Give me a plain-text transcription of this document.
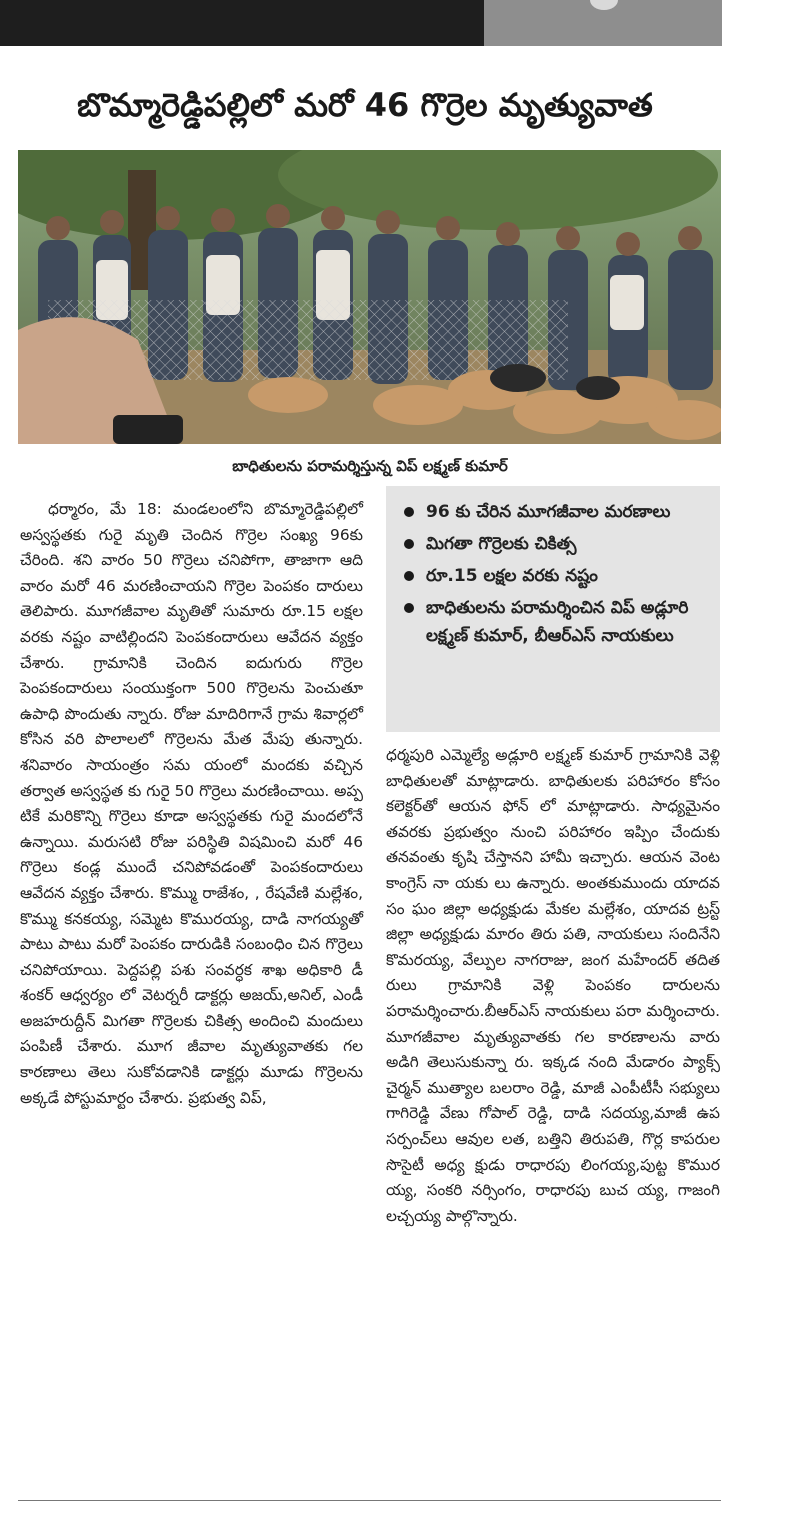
బొమ్మారెడ్డిపల్లిలో మరో 46 గొర్రెల మృత్యువాత
బాధితులను పరామర్శిస్తున్న విప్ లక్ష్మణ్ కుమార్

ధర్మారం, మే 18: మండలంలోని బొమ్మారెడ్డిపల్లిలో అస్వస్థతకు గురై మృతి చెందిన గొర్రెల సంఖ్య 96కు చేరింది. శని వారం 50 గొర్రెలు చనిపోగా, తాజాగా ఆది వారం మరో 46 మరణించాయని గొర్రెల పెంపకం దారులు తెలిపారు. మూగజీవాల మృతితో సుమారు రూ.15 లక్షల వరకు నష్టం వాటిల్లిందని పెంపకందారులు ఆవేదన వ్యక్తం చేశారు. గ్రామానికి చెందిన ఐదుగురు గొర్రెల పెంపకందారులు సంయుక్తంగా 500 గొర్రెలను పెంచుతూ ఉపాధి పొందుతు న్నారు. రోజు మాదిరిగానే గ్రామ శివార్లలో కోసిన వరి పొలాలలో గొర్రెలను మేత మేపు తున్నారు. శనివారం సాయంత్రం సమ యంలో మందకు వచ్చిన తర్వాత అస్వస్థత కు గురై 50 గొర్రెలు మరణించాయి. అప్ప టికే మరికొన్ని గొర్రెలు కూడా అస్వస్థతకు గురై మందలోనే ఉన్నాయి. మరుసటి రోజు పరిస్థితి విషమించి మరో 46 గొర్రెలు కండ్ల ముందే చనిపోవడంతో పెంపకందారులు ఆవేదన వ్యక్తం చేశారు. కొమ్ము రాజేశం, , రేషవేణి మల్లేశం, కొమ్ము కనకయ్య, సమ్మెట కొమురయ్య, దాడి నాగయ్యతో పాటు పాటు మరో పెంపకం దారుడికి సంబంధిం చిన గొర్రెలు చనిపోయాయి. పెద్దపల్లి పశు సంవర్ధక శాఖ అధికారి డీ శంకర్ ఆధ్వర్యం లో వెటర్నరీ డాక్టర్లు అజయ్,అనిల్, ఎండీ అజహరుద్దీన్ మిగతా గొర్రెలకు చికిత్స అందించి మందులు పంపిణీ చేశారు. మూగ జీవాల మృత్యువాతకు గల కారణాలు తెలు సుకోవడానికి డాక్టర్లు మూడు గొర్రెలను అక్కడే పోస్టుమార్టం చేశారు. ప్రభుత్వ విప్,

96 కు చేరిన మూగజీవాల మరణాలు
మిగతా గొర్రెలకు చికిత్స
రూ.15 లక్షల వరకు నష్టం
బాధితులను పరామర్శించిన విప్ అడ్లూరి లక్ష్మణ్ కుమార్, బీఆర్ఎస్ నాయకులు

ధర్మపురి ఎమ్మెల్యే అడ్లూరి లక్ష్మణ్ కుమార్ గ్రామానికి వెళ్లి బాధితులతో మాట్లాడారు. బాధితులకు పరిహారం కోసం కలెక్టర్‌తో ఆయన ఫోన్ లో మాట్లాడారు. సాధ్యమైనం తవరకు ప్రభుత్వం నుంచి పరిహారం ఇప్పిం చేందుకు తనవంతు కృషి చేస్తానని హామీ ఇచ్చారు. ఆయన వెంట కాంగ్రెస్ నా యకు లు ఉన్నారు. అంతకుముందు యాదవ సం ఘం జిల్లా అధ్యక్షుడు మేకల మల్లేశం, యాదవ ట్రస్ట్ జిల్లా అధ్యక్షుడు మారం తిరు పతి, నాయకులు సందినేని కొమరయ్య, వేల్పుల నాగరాజు, జంగ మహేందర్ తదిత రులు గ్రామానికి వెళ్లి పెంపకం దారులను పరామర్శించారు.బీఆర్ఎస్ నాయకులు పరా మర్శించారు. మూగజీవాల మృత్యువాతకు గల కారణాలను వారు అడిగి తెలుసుకున్నా రు. ఇక్కడ నంది మేడారం ప్యాక్స్ చైర్మన్ ముత్యాల బలరాం రెడ్డి, మాజీ ఎంపీటీసీ సభ్యులు గాగిరెడ్డి వేణు గోపాల్ రెడ్డి, దాడి సదయ్య,మాజీ ఉప సర్పంచ్‌లు ఆవుల లత, బత్తిని తిరుపతి, గొర్ల కాపరుల సొసైటీ అధ్య క్షుడు రాధారపు లింగయ్య,పుట్ట కొముర య్య, సంకరి నర్సింగం, రాధారపు బుచ య్య, గాజంగి లచ్చయ్య పాల్గొన్నారు.
